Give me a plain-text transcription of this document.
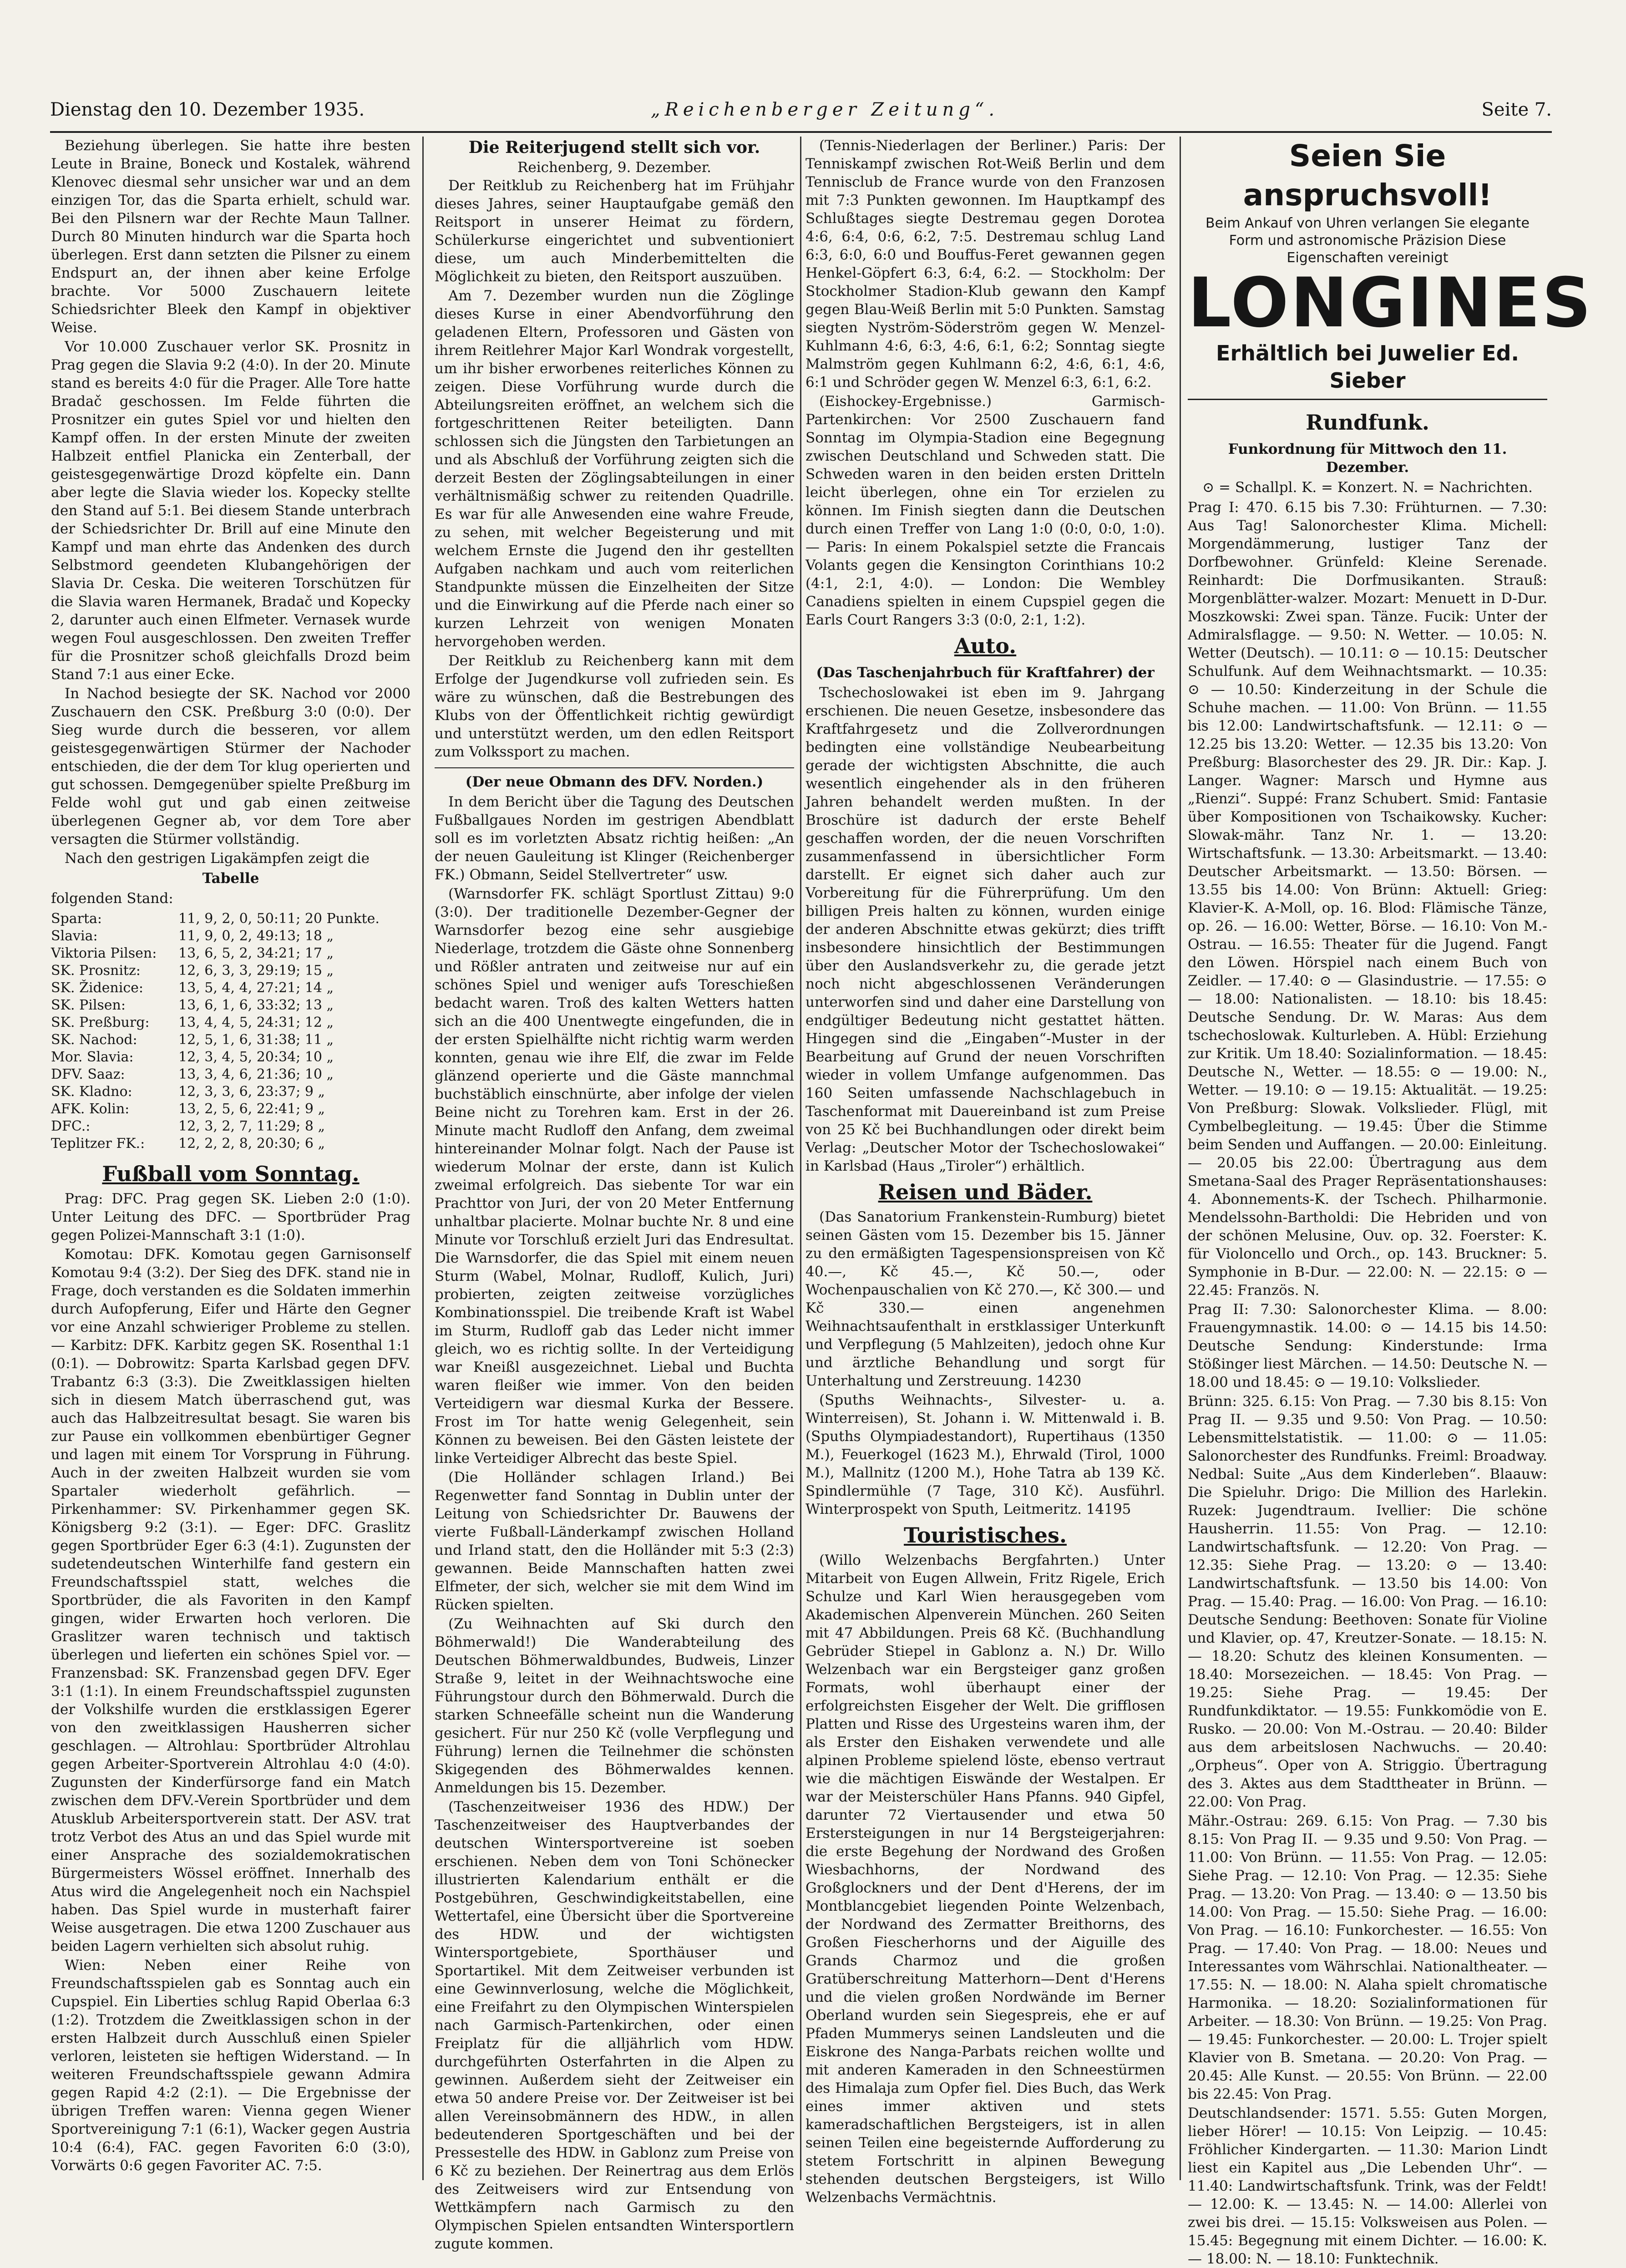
Dienstag den 10. Dezember 1935.	„Reichenberger Zeitung“.	Seite 7.

Beziehung überlegen. Sie hatte ihre besten Leute in Braine, Boneck und Kostalek, während Klenovec diesmal sehr unsicher war und an dem einzigen Tor, das die Sparta erhielt, schuld war. Bei den Pilsnern war der Rechte Maun Tallner. Durch 80 Minuten hindurch war die Sparta hoch überlegen. Erst dann setzten die Pilsner zu einem Endspurt an, der ihnen aber keine Erfolge brachte. Vor 5000 Zuschauern leitete Schiedsrichter Bleek den Kampf in objektiver Weise.

Vor 10.000 Zuschauer verlor SK. Prosnitz in Prag gegen die Slavia 9:2 (4:0). In der 20. Minute stand es bereits 4:0 für die Prager. Alle Tore hatte Bradač geschossen. Im Felde führten die Prosnitzer ein gutes Spiel vor und hielten den Kampf offen. In der ersten Minute der zweiten Halbzeit entfiel Planicka ein Zenterball, der geistesgegenwärtige Drozd köpfelte ein. Dann aber legte die Slavia wieder los. Kopecky stellte den Stand auf 5:1. Bei diesem Stande unterbrach der Schiedsrichter Dr. Brill auf eine Minute den Kampf und man ehrte das Andenken des durch Selbstmord geendeten Klubangehörigen der Slavia Dr. Ceska. Die weiteren Torschützen für die Slavia waren Hermanek, Bradač und Kopecky 2, darunter auch einen Elfmeter. Vernasek wurde wegen Foul ausgeschlossen. Den zweiten Treffer für die Prosnitzer schoß gleichfalls Drozd beim Stand 7:1 aus einer Ecke.

In Nachod besiegte der SK. Nachod vor 2000 Zuschauern den CSK. Preßburg 3:0 (0:0). Der Sieg wurde durch die besseren, vor allem geistesgegenwärtigen Stürmer der Nachoder entschieden, die der dem Tor klug operierten und gut schossen. Demgegenüber spielte Preßburg im Felde wohl gut und gab einen zeitweise überlegenen Gegner ab, vor dem Tore aber versagten die Stürmer vollständig.

Nach den gestrigen Ligakämpfen zeigt die

Tabelle
folgenden Stand:
Sparta:	11, 9, 2, 0, 50:11; 20 Punkte.
Slavia:	11, 9, 0, 2, 49:13; 18 „
Viktoria Pilsen:	13, 6, 5, 2, 34:21; 17 „
SK. Prosnitz:	12, 6, 3, 3, 29:19; 15 „
SK. Židenice:	13, 5, 4, 4, 27:21; 14 „
SK. Pilsen:	13, 6, 1, 6, 33:32; 13 „
SK. Preßburg:	13, 4, 4, 5, 24:31; 12 „
SK. Nachod:	12, 5, 1, 6, 31:38; 11 „
Mor. Slavia:	12, 3, 4, 5, 20:34; 10 „
DFV. Saaz:	13, 3, 4, 6, 21:36; 10 „
SK. Kladno:	12, 3, 3, 6, 23:37; 9 „
AFK. Kolin:	13, 2, 5, 6, 22:41; 9 „
DFC.:	12, 3, 2, 7, 11:29; 8 „
Teplitzer FK.:	12, 2, 2, 8, 20:30; 6 „
Fußball vom Sonntag.

Prag: DFC. Prag gegen SK. Lieben 2:0 (1:0). Unter Leitung des DFC. — Sportbrüder Prag gegen Polizei-Mannschaft 3:1 (1:0).

Komotau: DFK. Komotau gegen Garnisonself Komotau 9:4 (3:2). Der Sieg des DFK. stand nie in Frage, doch verstanden es die Soldaten immerhin durch Aufopferung, Eifer und Härte den Gegner vor eine Anzahl schwieriger Probleme zu stellen. — Karbitz: DFK. Karbitz gegen SK. Rosenthal 1:1 (0:1). — Dobrowitz: Sparta Karlsbad gegen DFV. Trabantz 6:3 (3:3). Die Zweitklassigen hielten sich in diesem Match überraschend gut, was auch das Halbzeitresultat besagt. Sie waren bis zur Pause ein vollkommen ebenbürtiger Gegner und lagen mit einem Tor Vorsprung in Führung. Auch in der zweiten Halbzeit wurden sie vom Spartaler wiederholt gefährlich. — Pirkenhammer: SV. Pirkenhammer gegen SK. Königsberg 9:2 (3:1). — Eger: DFC. Graslitz gegen Sportbrüder Eger 6:3 (4:1). Zugunsten der sudetendeutschen Winterhilfe fand gestern ein Freundschaftsspiel statt, welches die Sportbrüder, die als Favoriten in den Kampf gingen, wider Erwarten hoch verloren. Die Graslitzer waren technisch und taktisch überlegen und lieferten ein schönes Spiel vor. — Franzensbad: SK. Franzensbad gegen DFV. Eger 3:1 (1:1). In einem Freundschaftsspiel zugunsten der Volkshilfe wurden die erstklassigen Egerer von den zweitklassigen Hausherren sicher geschlagen. — Altrohlau: Sportbrüder Altrohlau gegen Arbeiter-Sportverein Altrohlau 4:0 (4:0). Zugunsten der Kinderfürsorge fand ein Match zwischen dem DFV.-Verein Sportbrüder und dem Atusklub Arbeitersportverein statt. Der ASV. trat trotz Verbot des Atus an und das Spiel wurde mit einer Ansprache des sozialdemokratischen Bürgermeisters Wössel eröffnet. Innerhalb des Atus wird die Angelegenheit noch ein Nachspiel haben. Das Spiel wurde in musterhaft fairer Weise ausgetragen. Die etwa 1200 Zuschauer aus beiden Lagern verhielten sich absolut ruhig.

Wien: Neben einer Reihe von Freundschaftsspielen gab es Sonntag auch ein Cupspiel. Ein Liberties schlug Rapid Oberlaa 6:3 (1:2). Trotzdem die Zweitklassigen schon in der ersten Halbzeit durch Ausschluß einen Spieler verloren, leisteten sie heftigen Widerstand. — In weiteren Freundschaftsspiele gewann Admira gegen Rapid 4:2 (2:1). — Die Ergebnisse der übrigen Treffen waren: Vienna gegen Wiener Sportvereinigung 7:1 (6:1), Wacker gegen Austria 10:4 (6:4), FAC. gegen Favoriten 6:0 (3:0), Vorwärts 0:6 gegen Favoriter AC. 7:5.

Die Reiterjugend stellt sich vor.
Reichenberg, 9. Dezember.

Der Reitklub zu Reichenberg hat im Frühjahr dieses Jahres, seiner Hauptaufgabe gemäß den Reitsport in unserer Heimat zu fördern, Schülerkurse eingerichtet und subventioniert diese, um auch Minderbemittelten die Möglichkeit zu bieten, den Reitsport auszuüben.

Am 7. Dezember wurden nun die Zöglinge dieses Kurse in einer Abendvorführung den geladenen Eltern, Professoren und Gästen von ihrem Reitlehrer Major Karl Wondrak vorgestellt, um ihr bisher erworbenes reiterliches Können zu zeigen. Diese Vorführung wurde durch die Abteilungsreiten eröffnet, an welchem sich die fortgeschrittenen Reiter beteiligten. Dann schlossen sich die Jüngsten den Tarbietungen an und als Abschluß der Vorführung zeigten sich die derzeit Besten der Zöglingsabteilungen in einer verhältnismäßig schwer zu reitenden Quadrille. Es war für alle Anwesenden eine wahre Freude, zu sehen, mit welcher Begeisterung und mit welchem Ernste die Jugend den ihr gestellten Aufgaben nachkam und auch vom reiterlichen Standpunkte müssen die Einzelheiten der Sitze und die Einwirkung auf die Pferde nach einer so kurzen Lehrzeit von wenigen Monaten hervorgehoben werden.

Der Reitklub zu Reichenberg kann mit dem Erfolge der Jugendkurse voll zufrieden sein. Es wäre zu wünschen, daß die Bestrebungen des Klubs von der Öffentlichkeit richtig gewürdigt und unterstützt werden, um den edlen Reitsport zum Volkssport zu machen.

(Der neue Obmann des DFV. Norden.)

In dem Bericht über die Tagung des Deutschen Fußballgaues Norden im gestrigen Abendblatt soll es im vorletzten Absatz richtig heißen: „An der neuen Gauleitung ist Klinger (Reichenberger FK.) Obmann, Seidel Stellvertreter“ usw.

(Warnsdorfer FK. schlägt Sportlust Zittau) 9:0 (3:0). Der traditionelle Dezember-Gegner der Warnsdorfer bezog eine sehr ausgiebige Niederlage, trotzdem die Gäste ohne Sonnenberg und Rößler antraten und zeitweise nur auf ein schönes Spiel und weniger aufs Toreschießen bedacht waren. Troß des kalten Wetters hatten sich an die 400 Unentwegte eingefunden, die in der ersten Spielhälfte nicht richtig warm werden konnten, genau wie ihre Elf, die zwar im Felde glänzend operierte und die Gäste mannchmal buchstäblich einschnürte, aber infolge der vielen Beine nicht zu Torehren kam. Erst in der 26. Minute macht Rudloff den Anfang, dem zweimal hintereinander Molnar folgt. Nach der Pause ist wiederum Molnar der erste, dann ist Kulich zweimal erfolgreich. Das siebente Tor war ein Prachttor von Juri, der von 20 Meter Entfernung unhaltbar placierte. Molnar buchte Nr. 8 und eine Minute vor Torschluß erzielt Juri das Endresultat. Die Warnsdorfer, die das Spiel mit einem neuen Sturm (Wabel, Molnar, Rudloff, Kulich, Juri) probierten, zeigten zeitweise vorzügliches Kombinationsspiel. Die treibende Kraft ist Wabel im Sturm, Rudloff gab das Leder nicht immer gleich, wo es richtig sollte. In der Verteidigung war Kneißl ausgezeichnet. Liebal und Buchta waren fleißer wie immer. Von den beiden Verteidigern war diesmal Kurka der Bessere. Frost im Tor hatte wenig Gelegenheit, sein Können zu beweisen. Bei den Gästen leistete der linke Verteidiger Albrecht das beste Spiel.

(Die Holländer schlagen Irland.) Bei Regenwetter fand Sonntag in Dublin unter der Leitung von Schiedsrichter Dr. Bauwens der vierte Fußball-Länderkampf zwischen Holland und Irland statt, den die Holländer mit 5:3 (2:3) gewannen. Beide Mannschaften hatten zwei Elfmeter, der sich, welcher sie mit dem Wind im Rücken spielten.

(Zu Weihnachten auf Ski durch den Böhmerwald!) Die Wanderabteilung des Deutschen Böhmerwaldbundes, Budweis, Linzer Straße 9, leitet in der Weihnachtswoche eine Führungstour durch den Böhmerwald. Durch die starken Schneefälle scheint nun die Wanderung gesichert. Für nur 250 Kč (volle Verpflegung und Führung) lernen die Teilnehmer die schönsten Skigegenden des Böhmerwaldes kennen. Anmeldungen bis 15. Dezember.

(Taschenzeitweiser 1936 des HDW.) Der Taschenzeitweiser des Hauptverbandes der deutschen Wintersportvereine ist soeben erschienen. Neben dem von Toni Schönecker illustrierten Kalendarium enthält er die Postgebühren, Geschwindigkeitstabellen, eine Wettertafel, eine Übersicht über die Sportvereine des HDW. und der wichtigsten Wintersportgebiete, Sporthäuser und Sportartikel. Mit dem Zeitweiser verbunden ist eine Gewinnverlosung, welche die Möglichkeit, eine Freifahrt zu den Olympischen Winterspielen nach Garmisch-Partenkirchen, oder einen Freiplatz für die alljährlich vom HDW. durchgeführten Osterfahrten in die Alpen zu gewinnen. Außerdem sieht der Zeitweiser ein etwa 50 andere Preise vor. Der Zeitweiser ist bei allen Vereinsobmännern des HDW., in allen bedeutenderen Sportgeschäften und bei der Pressestelle des HDW. in Gablonz zum Preise von 6 Kč zu beziehen. Der Reinertrag aus dem Erlös des Zeitweisers wird zur Entsendung von Wettkämpfern nach Garmisch zu den Olympischen Spielen entsandten Wintersportlern zugute kommen.

(Tennis-Niederlagen der Berliner.) Paris: Der Tenniskampf zwischen Rot-Weiß Berlin und dem Tennisclub de France wurde von den Franzosen mit 7:3 Punkten gewonnen. Im Hauptkampf des Schlußtages siegte Destremau gegen Dorotea 4:6, 6:4, 0:6, 6:2, 7:5. Destremau schlug Land 6:3, 6:0, 6:0 und Bouffus-Feret gewannen gegen Henkel-Göpfert 6:3, 6:4, 6:2. — Stockholm: Der Stockholmer Stadion-Klub gewann den Kampf gegen Blau-Weiß Berlin mit 5:0 Punkten. Samstag siegten Nyström-Söderström gegen W. Menzel-Kuhlmann 4:6, 6:3, 4:6, 6:1, 6:2; Sonntag siegte Malmström gegen Kuhlmann 6:2, 4:6, 6:1, 4:6, 6:1 und Schröder gegen W. Menzel 6:3, 6:1, 6:2.

(Eishockey-Ergebnisse.) Garmisch-Partenkirchen: Vor 2500 Zuschauern fand Sonntag im Olympia-Stadion eine Begegnung zwischen Deutschland und Schweden statt. Die Schweden waren in den beiden ersten Dritteln leicht überlegen, ohne ein Tor erzielen zu können. Im Finish siegten dann die Deutschen durch einen Treffer von Lang 1:0 (0:0, 0:0, 1:0). — Paris: In einem Pokalspiel setzte die Francais Volants gegen die Kensington Corinthians 10:2 (4:1, 2:1, 4:0). — London: Die Wembley Canadiens spielten in einem Cupspiel gegen die Earls Court Rangers 3:3 (0:0, 2:1, 1:2).

Auto.
(Das Taschenjahrbuch für Kraftfahrer) der

Tschechoslowakei ist eben im 9. Jahrgang erschienen. Die neuen Gesetze, insbesondere das Kraftfahrgesetz und die Zollverordnungen bedingten eine vollständige Neubearbeitung gerade der wichtigsten Abschnitte, die auch wesentlich eingehender als in den früheren Jahren behandelt werden mußten. In der Broschüre ist dadurch der erste Behelf geschaffen worden, der die neuen Vorschriften zusammenfassend in übersichtlicher Form darstellt. Er eignet sich daher auch zur Vorbereitung für die Führerprüfung. Um den billigen Preis halten zu können, wurden einige der anderen Abschnitte etwas gekürzt; dies trifft insbesondere hinsichtlich der Bestimmungen über den Auslandsverkehr zu, die gerade jetzt noch nicht abgeschlossenen Veränderungen unterworfen sind und daher eine Darstellung von endgültiger Bedeutung nicht gestattet hätten. Hingegen sind die „Eingaben“-Muster in der Bearbeitung auf Grund der neuen Vorschriften wieder in vollem Umfange aufgenommen. Das 160 Seiten umfassende Nachschlagebuch in Taschenformat mit Dauereinband ist zum Preise von 25 Kč bei Buchhandlungen oder direkt beim Verlag: „Deutscher Motor der Tschechoslowakei“ in Karlsbad (Haus „Tiroler“) erhältlich.

Reisen und Bäder.

(Das Sanatorium Frankenstein-Rumburg) bietet seinen Gästen vom 15. Dezember bis 15. Jänner zu den ermäßigten Tagespensionspreisen von Kč 40.—, Kč 45.—, Kč 50.—, oder Wochenpauschalien von Kč 270.—, Kč 300.— und Kč 330.— einen angenehmen Weihnachtsaufenthalt in erstklassiger Unterkunft und Verpflegung (5 Mahlzeiten), jedoch ohne Kur und ärztliche Behandlung und sorgt für Unterhaltung und Zerstreuung. 14230

(Spuths Weihnachts-, Silvester- u. a. Winterreisen), St. Johann i. W. Mittenwald i. B. (Spuths Olympiadestandort), Rupertihaus (1350 M.), Feuerkogel (1623 M.), Ehrwald (Tirol, 1000 M.), Mallnitz (1200 M.), Hohe Tatra ab 139 Kč. Spindlermühle (7 Tage, 310 Kč). Ausführl. Winterprospekt von Sputh, Leitmeritz. 14195

Touristisches.

(Willo Welzenbachs Bergfahrten.) Unter Mitarbeit von Eugen Allwein, Fritz Rigele, Erich Schulze und Karl Wien herausgegeben vom Akademischen Alpenverein München. 260 Seiten mit 47 Abbildungen. Preis 68 Kč. (Buchhandlung Gebrüder Stiepel in Gablonz a. N.) Dr. Willo Welzenbach war ein Bergsteiger ganz großen Formats, wohl überhaupt einer der erfolgreichsten Eisgeher der Welt. Die grifflosen Platten und Risse des Urgesteins waren ihm, der als Erster den Eishaken verwendete und alle alpinen Probleme spielend löste, ebenso vertraut wie die mächtigen Eiswände der Westalpen. Er war der Meisterschüler Hans Pfanns. 940 Gipfel, darunter 72 Viertausender und etwa 50 Erstersteigungen in nur 14 Bergsteigerjahren: die erste Begehung der Nordwand des Großen Wiesbachhorns, der Nordwand des Großglockners und der Dent d'Herens, der im Montblancgebiet liegenden Pointe Welzenbach, der Nordwand des Zermatter Breithorns, des Großen Fiescherhorns und der Aiguille des Grands Charmoz und die großen Gratüberschreitung Matterhorn—Dent d'Herens und die vielen großen Nordwände im Berner Oberland wurden sein Siegespreis, ehe er auf Pfaden Mummerys seinen Landsleuten und die Eiskrone des Nanga-Parbats reichen wollte und mit anderen Kameraden in den Schneestürmen des Himalaja zum Opfer fiel. Dies Buch, das Werk eines immer aktiven und stets kameradschaftlichen Bergsteigers, ist in allen seinen Teilen eine begeisternde Aufforderung zu stetem Fortschritt in alpinen Bewegung stehenden deutschen Bergsteigers, ist Willo Welzenbachs Vermächtnis.

Seien Sie anspruchsvoll!
Beim Ankauf von Uhren verlangen Sie elegante Form und astronomische Präzision Diese Eigenschaften vereinigt
LONGINES
Erhältlich bei Juwelier Ed. Sieber
Rundfunk.
Funkordnung für Mittwoch den 11. Dezember.
⊙ = Schallpl. K. = Konzert. N. = Nachrichten.

Prag I: 470. 6.15 bis 7.30: Frühturnen. — 7.30: Aus Tag! Salonorchester Klima. Michell: Morgendämmerung, lustiger Tanz der Dorfbewohner. Grünfeld: Kleine Serenade. Reinhardt: Die Dorfmusikanten. Strauß: Morgenblätter-walzer. Mozart: Menuett in D-Dur. Moszkowski: Zwei span. Tänze. Fucik: Unter der Admiralsflagge. — 9.50: N. Wetter. — 10.05: N. Wetter (Deutsch). — 10.11: ⊙ — 10.15: Deutscher Schulfunk. Auf dem Weihnachtsmarkt. — 10.35: ⊙ — 10.50: Kinderzeitung in der Schule die Schuhe machen. — 11.00: Von Brünn. — 11.55 bis 12.00: Landwirtschaftsfunk. — 12.11: ⊙ — 12.25 bis 13.20: Wetter. — 12.35 bis 13.20: Von Preßburg: Blasorchester des 29. JR. Dir.: Kap. J. Langer. Wagner: Marsch und Hymne aus „Rienzi“. Suppé: Franz Schubert. Smid: Fantasie über Kompositionen von Tschaikowsky. Kucher: Slowak-mähr. Tanz Nr. 1. — 13.20: Wirtschaftsfunk. — 13.30: Arbeitsmarkt. — 13.40: Deutscher Arbeitsmarkt. — 13.50: Börsen. — 13.55 bis 14.00: Von Brünn: Aktuell: Grieg: Klavier-K. A-Moll, op. 16. Blod: Flämische Tänze, op. 26. — 16.00: Wetter, Börse. — 16.10: Von M.-Ostrau. — 16.55: Theater für die Jugend. Fangt den Löwen. Hörspiel nach einem Buch von Zeidler. — 17.40: ⊙ — Glasindustrie. — 17.55: ⊙ — 18.00: Nationalisten. — 18.10: bis 18.45: Deutsche Sendung. Dr. W. Maras: Aus dem tschechoslowak. Kulturleben. A. Hübl: Erziehung zur Kritik. Um 18.40: Sozialinformation. — 18.45: Deutsche N., Wetter. — 18.55: ⊙ — 19.00: N., Wetter. — 19.10: ⊙ — 19.15: Aktualität. — 19.25: Von Preßburg: Slowak. Volkslieder. Flügl, mit Cymbelbegleitung. — 19.45: Über die Stimme beim Senden und Auffangen. — 20.00: Einleitung. — 20.05 bis 22.00: Übertragung aus dem Smetana-Saal des Prager Repräsentationshauses: 4. Abonnements-K. der Tschech. Philharmonie. Mendelssohn-Bartholdi: Die Hebriden und von der schönen Melusine, Ouv. op. 32. Foerster: K. für Violoncello und Orch., op. 143. Bruckner: 5. Symphonie in B-Dur. — 22.00: N. — 22.15: ⊙ — 22.45: Französ. N.

Prag II: 7.30: Salonorchester Klima. — 8.00: Frauengymnastik. 14.00: ⊙ — 14.15 bis 14.50: Deutsche Sendung: Kinderstunde: Irma Stößinger liest Märchen. — 14.50: Deutsche N. — 18.00 und 18.45: ⊙ — 19.10: Volkslieder.

Brünn: 325. 6.15: Von Prag. — 7.30 bis 8.15: Von Prag II. — 9.35 und 9.50: Von Prag. — 10.50: Lebensmittelstatistik. — 11.00: ⊙ — 11.05: Salonorchester des Rundfunks. Freiml: Broadway. Nedbal: Suite „Aus dem Kinderleben“. Blaauw: Die Spieluhr. Drigo: Die Million des Harlekin. Ruzek: Jugendtraum. Ivellier: Die schöne Hausherrin. 11.55: Von Prag. — 12.10: Landwirtschaftsfunk. — 12.20: Von Prag. — 12.35: Siehe Prag. — 13.20: ⊙ — 13.40: Landwirtschaftsfunk. — 13.50 bis 14.00: Von Prag. — 15.40: Prag. — 16.00: Von Prag. — 16.10: Deutsche Sendung: Beethoven: Sonate für Violine und Klavier, op. 47, Kreutzer-Sonate. — 18.15: N. — 18.20: Schutz des kleinen Konsumenten. — 18.40: Morsezeichen. — 18.45: Von Prag. — 19.25: Siehe Prag. — 19.45: Der Rundfunkdiktator. — 19.55: Funkkomödie von E. Rusko. — 20.00: Von M.-Ostrau. — 20.40: Bilder aus dem arbeitslosen Nachwuchs. — 20.40: „Orpheus“. Oper von A. Striggio. Übertragung des 3. Aktes aus dem Stadttheater in Brünn. — 22.00: Von Prag.

Mähr.-Ostrau: 269. 6.15: Von Prag. — 7.30 bis 8.15: Von Prag II. — 9.35 und 9.50: Von Prag. — 11.00: Von Brünn. — 11.55: Von Prag. — 12.05: Siehe Prag. — 12.10: Von Prag. — 12.35: Siehe Prag. — 13.20: Von Prag. — 13.40: ⊙ — 13.50 bis 14.00: Von Prag. — 15.50: Siehe Prag. — 16.00: Von Prag. — 16.10: Funkorchester. — 16.55: Von Prag. — 17.40: Von Prag. — 18.00: Neues und Interessantes vom Währschlai. Nationaltheater. — 17.55: N. — 18.00: N. Alaha spielt chromatische Harmonika. — 18.20: Sozialinformationen für Arbeiter. — 18.30: Von Brünn. — 19.25: Von Prag. — 19.45: Funkorchester. — 20.00: L. Trojer spielt Klavier von B. Smetana. — 20.20: Von Prag. — 20.45: Alle Kunst. — 20.55: Von Brünn. — 22.00 bis 22.45: Von Prag.

Deutschlandsender: 1571. 5.55: Guten Morgen, lieber Hörer! — 10.15: Von Leipzig. — 10.45: Fröhlicher Kindergarten. — 11.30: Marion Lindt liest ein Kapitel aus „Die Lebenden Uhr“. — 11.40: Landwirtschaftsfunk. Trink, was der Feldt! — 12.00: K. — 13.45: N. — 14.00: Allerlei von zwei bis drei. — 15.15: Volksweisen aus Polen. — 15.45: Begegnung mit einem Dichter. — 16.00: K. — 18.00: N. — 18.10: Funktechnik.
